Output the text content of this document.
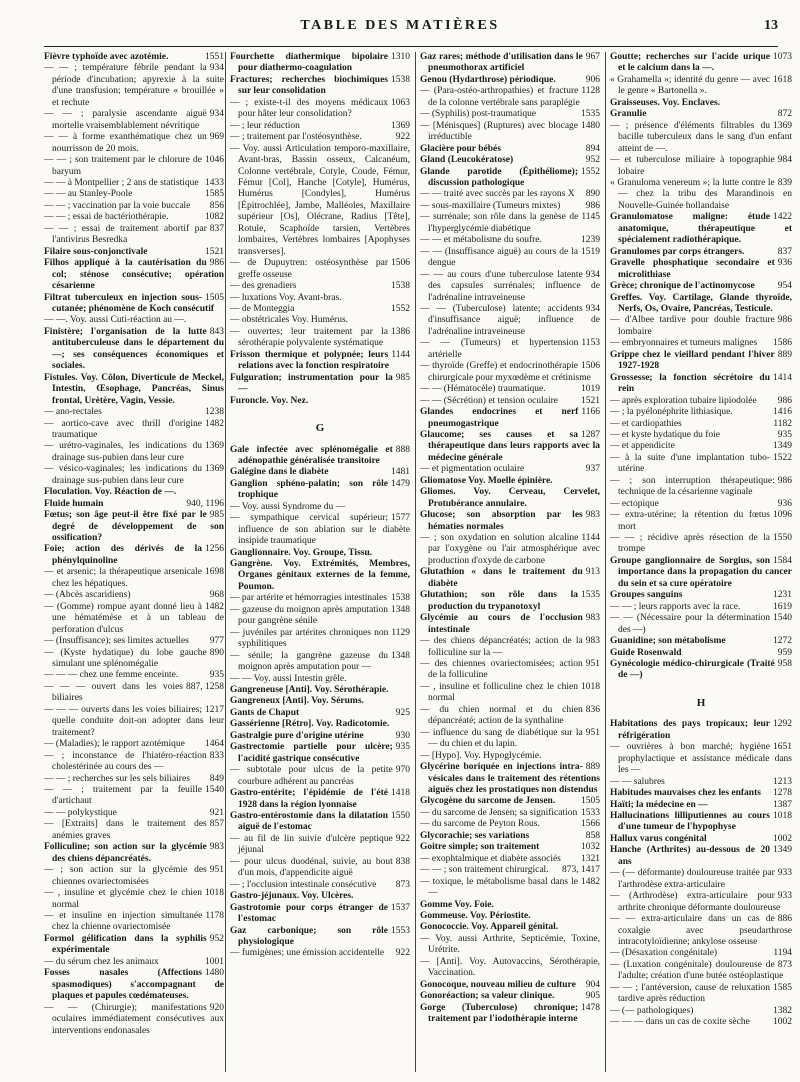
TABLE DES MATIÈRES	13

1551
Fièvre typhoïde avec azotémie.

934
— — ; température fébrile pendant la période d'incubation; apyrexie à la suite d'une transfusion; température « brouillée » et rechute

934
— — ; paralysie ascendante aiguë mortelle vraisemblablement névritique

969
— — à forme exanthématique chez un nourrisson de 20 mois.

1046
— — ; son traitement par le chlorure de baryum

1433
— — à Montpellier ; 2 ans de statistique

1585
— — au Stanley-Poole

856
— — ; vaccination par la voie buccale

1082
— — ; essai de bactériothérapie.

837
— — ; essai de traitement abortif par l'antivirus Besredka

1521
Filaire sous-conjonctivale

986
Filhos appliqué à la cautérisation du col; sténose consécutive; opération césarienne

1505
Filtrat tuberculeux en injection sous-cutanée; phénomène de Koch consécutif

— —. Voy. aussi Cuti-réaction au —.

843
Finistère; l'organisation de la lutte antituberculeuse dans le département du —; ses conséquences économiques et sociales.

Fistules. Voy. Côlon, Diverticule de Meckel, Intestin, Œsophage, Pancréas, Sinus frontal, Urètère, Vagin, Vessie.

1238
— ano-rectales

1482
— aortico-cave avec thrill d'origine traumatique

1369
— urétro-vaginales, les indications du drainage sus-pubien dans leur cure

1369
— vésico-vaginales; les indications du drainage sus-pubien dans leur cure

Floculation. Voy. Réaction de —.

940, 1196
Fluide humain

985
Fœtus; son âge peut-il être fixé par le degré de développement de son ossification?

1256
Foie; action des dérivés de la phénylquinoline

1698
— et arsenic; la thérapeutique arsenicale chez les hépatiques.

968
— (Abcès ascaridiens)

1482
— (Gomme) rompue ayant donné lieu à une hématémèse et à un tableau de perforation d'ulcus

977
— (Insuffisance); ses limites actuelles

890
— (Kyste hydatique) du lobe gauche simulant une splénomégalie

935
— — — chez une femme enceinte.

887, 1258
— — — ouvert dans les voies biliaires

1217
— — — ouverts dans les voies biliaires; quelle conduite doit-on adopter dans leur traitement?

1464
— (Maladies); le rapport azotémique

833
— ; inconstance de l'hiatéro-réaction cholestérinée au cours des —

849
— — ; recherches sur les sels biliaires

1540
— — ; traitement par la feuille d'artichaut

921
— — polykystique

857
— [Extraits] dans le traitement des anémies graves

983
Folliculine; son action sur la glycémie des chiens dépancréatés.

951
— ; son action sur la glycémie des chiennes ovariectomisées

1018
— , insuline et glycémie chez le chien normal

1178
— et insuline en injection simultanée chez la chienne ovariectomisée

952
Formol gélification dans la syphilis expérimentale

1001
— du sérum chez les animaux

1480
Fosses nasales (Affections spasmodiques) s'accompagnant de plaques et papules cœdémateuses.

920
— — (Chirurgie); manifestations oculaires immédiatement consécutives aux interventions endonasales

1310
Fourchette diathermique bipolaire pour diathermo-coagulation

1538
Fractures; recherches biochimiques sur leur consolidation

1063
— ; existe-t-il des moyens médicaux pour hâter leur consolidation?

1369
— ; leur réduction

922
— ; traitement par l'ostéosynthèse.

— Voy. aussi Articulation temporo-maxillaire, Avant-bras, Bassin osseux, Calcanéum, Colonne vertébrale, Cotyle, Coude, Fémur, Fémur [Col], Hanche [Cotyle], Humérus, Humérus [Condyles], Humérus [Épitrochlée], Jambe, Malléoles, Maxillaire supérieur [Os], Olécrane, Radius [Tête], Rotule, Scaphoïde tarsien, Vertèbres lombaires, Vertèbres lombaires [Apophyses transverses].

1506
— de Dupuytren: ostéosynthèse par greffe osseuse

1538
— des grenadiers

— luxations Voy. Avant-bras.

1552
— de Monteggia

— obstétricales Voy. Humérus.

1386
— ouvertes; leur traitement par la sérothérapie polyvalente systématique

1144
Frisson thermique et polypnée; leurs relations avec la fonction respiratoire

985
Fulguration; instrumentation pour la —

Furoncle. Voy. Nez.

G

888
Gale infectée avec splénomégalie et adénopathie généralisée transitoire

1481
Galégine dans le diabète

1479
Ganglion sphéno-palatin; son rôle trophique

— Voy. aussi Syndrome du —

1577
— sympathique cervical supérieur; influence de son ablation sur le diabète insipide traumatique

Ganglionnaire. Voy. Groupe, Tissu.

Gangrène. Voy. Extrémités, Membres, Organes génitaux externes de la femme, Poumon.

1538
— par artérite et hémorragies intestinales

1348
— gazeuse du moignon après amputation pour gangrène sénile

1129
— juvéniles par artérites chroniques non syphilitiques

1348
— sénile; la gangrène gazeuse du moignon après amputation pour —

— — Voy. aussi Intestin grêle.

Gangreneuse [Anti]. Voy. Sérothérapie.

Gangreneux [Anti]. Voy. Sérums.

925
Gants de Chaput

Gassérienne [Rétro]. Voy. Radicotomie.

930
Gastralgie pure d'origine utérine

935
Gastrectomie partielle pour ulcère; l'acidité gastrique consécutive

970
— subtotale pour ulcus de la petite courbure adhérent au pancréas

1418
Gastro-entérite; l'épidémie de l'été 1928 dans la région lyonnaise

1550
Gastro-entérostomie dans la dilatation aiguë de l'estomac

922
— au fil de lin suivie d'ulcère peptique jéjunal

838
— pour ulcus duodénal, suivie, au bout d'un mois, d'appendicite aiguë

873
— ; l'occlusion intestinale consécutive

Gastro-jéjunaux. Voy. Ulcères.

1537
Gastrotomie pour corps étranger de l'estomac

1553
Gaz carbonique; son rôle physiologique

922
— fumigènes; une émission accidentelle

967
Gaz rares; méthode d'utilisation dans le pneumothorax artificiel

906
Genou (Hydarthrose) périodique.

1128
— (Para-ostéo-arthropathies) et fracture de la colonne vertébrale sans paraplégie

1535
— (Syphilis) post-traumatique

1480
— [Ménisques] (Ruptures) avec blocage irréductible

894
Glacière pour bébés

952
Gland (Leucokératose)

1552
Glande parotide (Épithéliome); discussion pathologique

890
— — traité avec succès par les rayons X

986
— sous-maxillaire (Tumeurs mixtes)

1145
— surrénale; son rôle dans la genèse de l'hyperglycémie diabétique

1239
— — et métabolisme du soufre.

1519
— — (Insuffisance aiguë) au cours de la dengue

934
— — au cours d'une tuberculose latente des capsules surrénales; influence de l'adrénaline intraveineuse

934
— — (Tuberculose) latente; accidents d'insuffisance aiguë; influence de l'adrénaline intraveineuse

1153
— — (Tumeurs) et hypertension artérielle

1506
— thyroïde (Greffe) et endocrinothérapie chirurgicale pour myxœdème et crétinisme

1019
— — (Hématocèle) traumatique.

1521
— — (Sécrétion) et tension oculaire

1166
Glandes endocrines et nerf pneumogastrique

1287
Glaucome; ses causes et sa thérapeutique dans leurs rapports avec la médecine générale

937
— et pigmentation oculaire

Gliomatose Voy. Moelle épinière.

Gliomes. Voy. Cerveau, Cervelet, Protubérance annulaire.

983
Glucose; son absorption par les hématies normales

1144
— ; son oxydation en solution alcaline par l'oxygène ou l'air atmosphérique avec production d'oxyde de carbone

913
Glutathion « dans le traitement du diabète

1535
Glutathion; son rôle dans la production du trypanotoxyl

983
Glycémie au cours de l'occlusion intestinale

983
— des chiens dépancréatés; action de la folliculine sur la —

951
— des chiennes ovariectomisées; action de la folliculine

1018
— , insuline et folliculine chez le chien normal

836
— du chien normal et du chien dépancréaté; action de la synthaline

951
— influence du sang de diabétique sur la — du chien et du lapin.

— [Hypo]. Voy. Hypoglycémie.

889
Glycérine boriquée en injections intra-vésicales dans le traitement des rétentions aiguës chez les prostatiques non distendus

1505
Glycogène du sarcome de Jensen.

1533
— du sarcome de Jensen; sa signification

1566
— du sarcome de Peyton Rous.

858
Glycorachie; ses variations

1032
Goitre simple; son traitement

1321
— exophtalmique et diabète associés

873, 1417
— — ; son traitement chirurgical.

1482
— toxique, le métabolisme basal dans le —

Gomme Voy. Foie.

Gommeuse. Voy. Périostite.

Gonococcie. Voy. Appareil génital.

— Voy. aussi Arthrite, Septicémie, Toxine, Urétrite.

— [Anti]. Voy. Autovaccins, Sérothérapie, Vaccination.

904
Gonocoque, nouveau milieu de culture

905
Gonoréaction; sa valeur clinique.

1478
Gorge (Tuberculose) chronique; traitement par l'iodothérapie interne

1073
Goutte; recherches sur l'acide urique et le calcium dans la —.

1618
« Grahamella »; identité du genre — avec le genre « Bartonella ».

Graisseuses. Voy. Enclaves.

872
Granulie

1369
— ; présence d'éléments filtrables du bacille tuberculeux dans le sang d'un enfant atteint de —.

984
— et tuberculose miliaire à topographie lobaire

839
« Granuloma venereum »; la lutte contre le — chez la tribu des Marandinois en Nouvelle-Guinée hollandaise

1422
Granulomatose maligne: étude anatomique, thérapeutique et spécialement radiothérapique.

837
Granulomes par corps étrangers.

936
Gravelle phosphatique secondaire et microlithiase

954
Grèce; chronique de l'actinomycose

Greffes. Voy. Cartilage, Glande thyroïde, Nerfs, Os, Ovaire, Pancréas, Testicule.

986
— d'Albee tardive pour double fracture lombaire

1586
— embryonnaires et tumeurs malignes

889
Grippe chez le vieillard pendant l'hiver 1927-1928

1414
Grossesse; la fonction sécrétoire du rein

986
— après exploration tubaire lipiodolée

1416
— ; la pyélonéphrite lithiasique.

1182
— et cardiopathies

935
— et kyste hydatique du foie

1349
— et appendicite

1522
— à la suite d'une implantation tubo-utérine

986
— ; son interruption thérapeutique: technique de la césarienne vaginale

936
— ectopique

1096
— extra-utérine; la rétention du fœtus mort

1550
— — ; récidive après résection de la trompe

1584
Groupe ganglionnaire de Sorgius, son importance dans la propagation du cancer du sein et sa cure opératoire

1231
Groupes sanguins

1619
— — ; leurs rapports avec la race.

1540
— — (Nécessaire pour la détermination des —)

1272
Guanidine; son métabolisme

959
Guide Rosenwald

958
Gynécologie médico-chirurgicale (Traité de —)

H

1292
Habitations des pays tropicaux; leur réfrigération

1651
— ouvrières à bon marché; hygiène prophylactique et assistance médicale dans les —

1213
— — salubres

1278
Habitudes mauvaises chez les enfants

1387
Haïti; la médecine en —

1018
Hallucinations lilliputiennes au cours d'une tumeur de l'hypophyse

1002
Hallux varus congénital

1349
Hanche (Arthrites) au-dessous de 20 ans

933
— (— déformante) douloureuse traitée par l'arthrodèse extra-articulaire

933
— (Arthrodèse) extra-articulaire pour arthrite chronique déformante douloureuse

886
— — extra-articulaire dans un cas de coxalgie avec pseudarthrose intracotyloïdienne; ankylose osseuse

1194
— (Désaxation congénitale)

873
— (Luxation congénitale) douloureuse de l'adulte; création d'une butée ostéoplastique

1585
— — ; l'antéversion, cause de reluxation tardive après réduction

1382
— (— pathologiques)

1002
— — — dans un cas de coxite sèche
